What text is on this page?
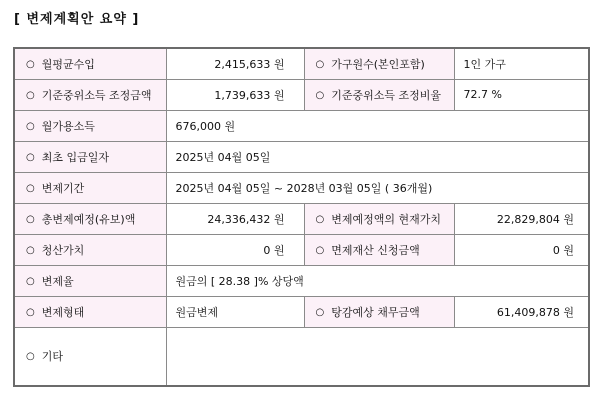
[ 변제계획안 요약 ]
○ 월평균수입	2,415,633 원	○ 가구원수(본인포함)	1인 가구
○ 기준중위소득 조정금액	1,739,633 원	○ 기준중위소득 조정비율	72.7 %
○ 월가용소득	676,000 원		
○ 최초 입금일자	2025년 04월 05일		
○ 변제기간	2025년 04월 05일 ~ 2028년 03월 05일 ( 36개월)		
○ 총변제예정(유보)액	24,336,432 원	○ 변제예정액의 현재가치	22,829,804 원
○ 청산가치	0 원	○ 면제재산 신청금액	0 원
○ 변제율	원금의 [ 28.38 ]% 상당액		
○ 변제형태	원금변제	○ 탕감예상 채무금액	61,409,878 원
○ 기타			
